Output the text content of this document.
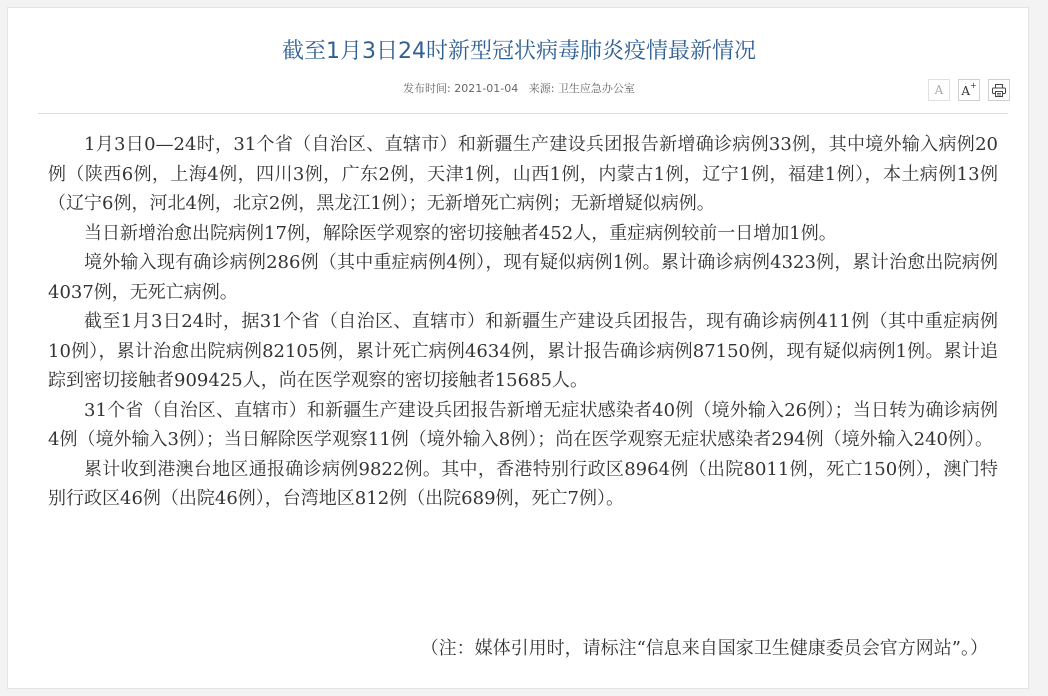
截至1月3日24时新型冠状病毒肺炎疫情最新情况
发布时间: 2021-01-04 来源: 卫生应急办公室	A A+

1月3日0—24时，31个省（自治区、直辖市）和新疆生产建设兵团报告新增确诊病例33例，其中境外输入病例20例（陕西6例，上海4例，四川3例，广东2例，天津1例，山西1例，内蒙古1例，辽宁1例，福建1例），本土病例13例（辽宁6例，河北4例，北京2例，黑龙江1例）；无新增死亡病例；无新增疑似病例。

当日新增治愈出院病例17例，解除医学观察的密切接触者452人，重症病例较前一日增加1例。

境外输入现有确诊病例286例（其中重症病例4例），现有疑似病例1例。累计确诊病例4323例，累计治愈出院病例4037例，无死亡病例。

截至1月3日24时，据31个省（自治区、直辖市）和新疆生产建设兵团报告，现有确诊病例411例（其中重症病例10例），累计治愈出院病例82105例，累计死亡病例4634例，累计报告确诊病例87150例，现有疑似病例1例。累计追踪到密切接触者909425人，尚在医学观察的密切接触者15685人。

31个省（自治区、直辖市）和新疆生产建设兵团报告新增无症状感染者40例（境外输入26例）；当日转为确诊病例4例（境外输入3例）；当日解除医学观察11例（境外输入8例）；尚在医学观察无症状感染者294例（境外输入240例）。

累计收到港澳台地区通报确诊病例9822例。其中，香港特别行政区8964例（出院8011例，死亡150例），澳门特别行政区46例（出院46例），台湾地区812例（出院689例，死亡7例）。

（注：媒体引用时，请标注“信息来自国家卫生健康委员会官方网站”。）
